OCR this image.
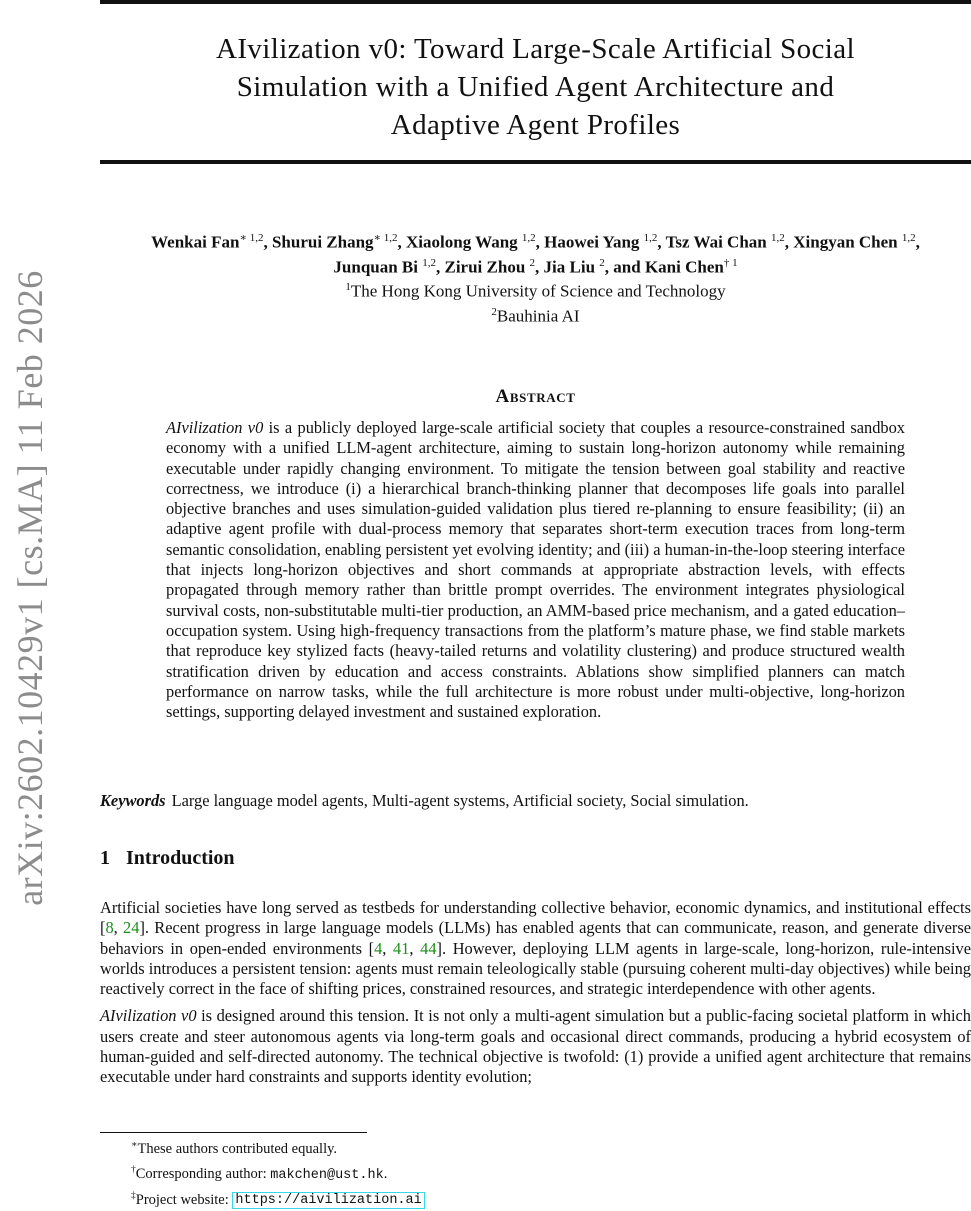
arXiv:2602.10429v1 [cs.MA] 11 Feb 2026
AIvilization v0: Toward Large-Scale Artificial Social
Simulation with a Unified Agent Architecture and
Adaptive Agent Profiles
Wenkai Fan$^{∗ 1,2}$, Shurui Zhang$^{∗ 1,2}$, Xiaolong Wang $^{1,2}$, Haowei Yang $^{1,2}$, Tsz Wai Chan $^{1,2}$, Xingyan Chen $^{1,2}$,
Junquan Bi $^{1,2}$, Zirui Zhou $^2$, Jia Liu $^2$, and Kani Chen$^{\dagger 1}$
$^1$The Hong Kong University of Science and Technology
$^2$Bauhinia AI
Abstract
AIvilization v0 is a publicly deployed large-scale artificial society that couples a resource-constrained sandbox economy with a unified LLM-agent architecture, aiming to sustain long-horizon autonomy while remaining executable under rapidly changing environment. To mitigate the tension between goal stability and reactive correctness, we introduce (i) a hierarchical branch-thinking planner that decomposes life goals into parallel objective branches and uses simulation-guided validation plus tiered re-planning to ensure feasibility; (ii) an adaptive agent profile with dual-process memory that separates short-term execution traces from long-term semantic consolidation, enabling persistent yet evolving identity; and (iii) a human-in-the-loop steering interface that injects long-horizon objectives and short commands at appropriate abstraction levels, with effects propagated through memory rather than brittle prompt overrides. The environment integrates physiological survival costs, non-substitutable multi-tier production, an AMM-based price mechanism, and a gated education–occupation system. Using high-frequency transactions from the platform’s mature phase, we find stable markets that reproduce key stylized facts (heavy-tailed returns and volatility clustering) and produce structured wealth stratification driven by education and access constraints. Ablations show simplified planners can match performance on narrow tasks, while the full architecture is more robust under multi-objective, long-horizon settings, supporting delayed investment and sustained exploration.
Keywords Large language model agents, Multi-agent systems, Artificial society, Social simulation.
1 Introduction

Artificial societies have long served as testbeds for understanding collective behavior, economic dynamics, and institutional effects [8, 24]. Recent progress in large language models (LLMs) has enabled agents that can communicate, reason, and generate diverse behaviors in open-ended environments [4, 41, 44]. However, deploying LLM agents in large-scale, long-horizon, rule-intensive worlds introduces a persistent tension: agents must remain teleologically stable (pursuing coherent multi-day objectives) while being reactively correct in the face of shifting prices, constrained resources, and strategic interdependence with other agents.

AIvilization v0 is designed around this tension. It is not only a multi-agent simulation but a public-facing societal platform in which users create and steer autonomous agents via long-term goals and occasional direct commands, producing a hybrid ecosystem of human-guided and self-directed autonomy. The technical objective is twofold: (1) provide a unified agent architecture that remains executable under hard constraints and supports identity evolution;

∗These authors contributed equally.
†Corresponding author: makchen@ust.hk.
‡Project website: https://aivilization.ai
